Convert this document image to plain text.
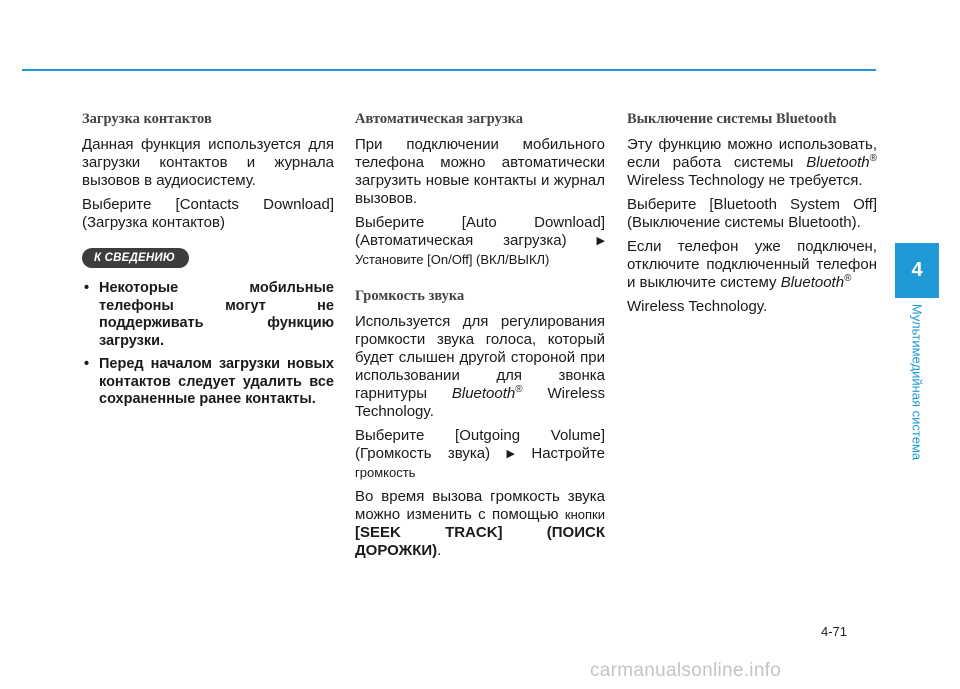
Загрузка контактов

Данная функция используется для загрузки контактов и журнала вызовов в аудиосистему.

Выберите [Contacts Download] (Загрузка контактов)

К СВЕДЕНИЮ
• Некоторые мобильные телефоны могут не поддерживать функцию загрузки.
• Перед началом загрузки новых контактов следует удалить все сохраненные ранее контакты.
Автоматическая загрузка

При подключении мобильного телефона можно автоматически загрузить новые контакты и журнал вызовов.

Выберите [Auto Download] (Автоматическая загрузка)	▶ Установите [On/Off] (ВКЛ/ВЫКЛ)

Громкость звука

Используется для регулирования громкости звука голоса, который будет слышен другой стороной при использовании для звонка гарнитуры Bluetooth® Wireless Technology.

Выберите [Outgoing Volume] (Громкость звука) ▶ Настройте громкость

Во время вызова громкость звука можно изменить с помощью кнопки [SEEK TRACK] (ПОИСК ДОРОЖКИ).

Выключение системы Bluetooth

Эту функцию можно использовать, если работа системы Bluetooth® Wireless Technology не требуется.

Выберите [Bluetooth System Off] (Выключение системы Bluetooth).

Если телефон уже подключен, отключите подключенный телефон и выключите систему Bluetooth®

Wireless Technology.

4
Мультимедийная система
4-71
carmanualsonline.info
